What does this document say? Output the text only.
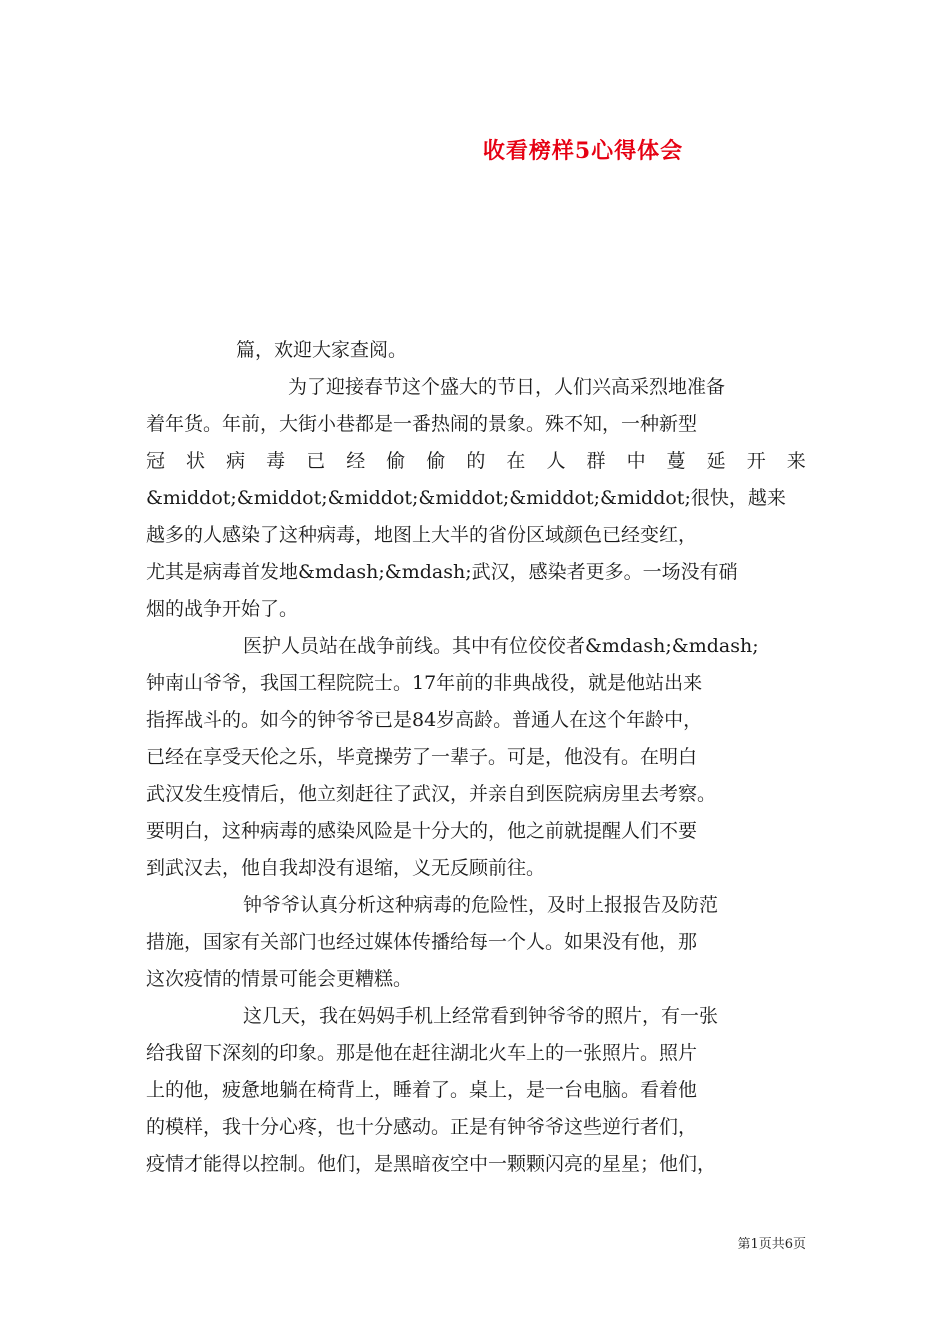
收看榜样5心得体会
篇，欢迎大家查阅。
为了迎接春节这个盛大的节日，人们兴高采烈地准备
着年货。年前，大街小巷都是一番热闹的景象。殊不知，一种新型
冠 状 病 毒 已 经 偷 偷 的 在 人 群 中 蔓 延 开 来
&middot;&middot;&middot;&middot;&middot;&middot;很快，越来
越多的人感染了这种病毒，地图上大半的省份区域颜色已经变红，
尤其是病毒首发地&mdash;&mdash;武汉，感染者更多。一场没有硝
烟的战争开始了。
医护人员站在战争前线。其中有位佼佼者&mdash;&mdash;
钟南山爷爷，我国工程院院士。17年前的非典战役，就是他站出来
指挥战斗的。如今的钟爷爷已是84岁高龄。普通人在这个年龄中，
已经在享受天伦之乐，毕竟操劳了一辈子。可是，他没有。在明白
武汉发生疫情后，他立刻赶往了武汉，并亲自到医院病房里去考察。
要明白，这种病毒的感染风险是十分大的，他之前就提醒人们不要
到武汉去，他自我却没有退缩，义无反顾前往。
钟爷爷认真分析这种病毒的危险性，及时上报报告及防范
措施，国家有关部门也经过媒体传播给每一个人。如果没有他，那
这次疫情的情景可能会更糟糕。
这几天，我在妈妈手机上经常看到钟爷爷的照片，有一张
给我留下深刻的印象。那是他在赶往湖北火车上的一张照片。照片
上的他，疲惫地躺在椅背上，睡着了。桌上，是一台电脑。看着他
的模样，我十分心疼，也十分感动。正是有钟爷爷这些逆行者们，
疫情才能得以控制。他们，是黑暗夜空中一颗颗闪亮的星星；他们，
第1页共6页
